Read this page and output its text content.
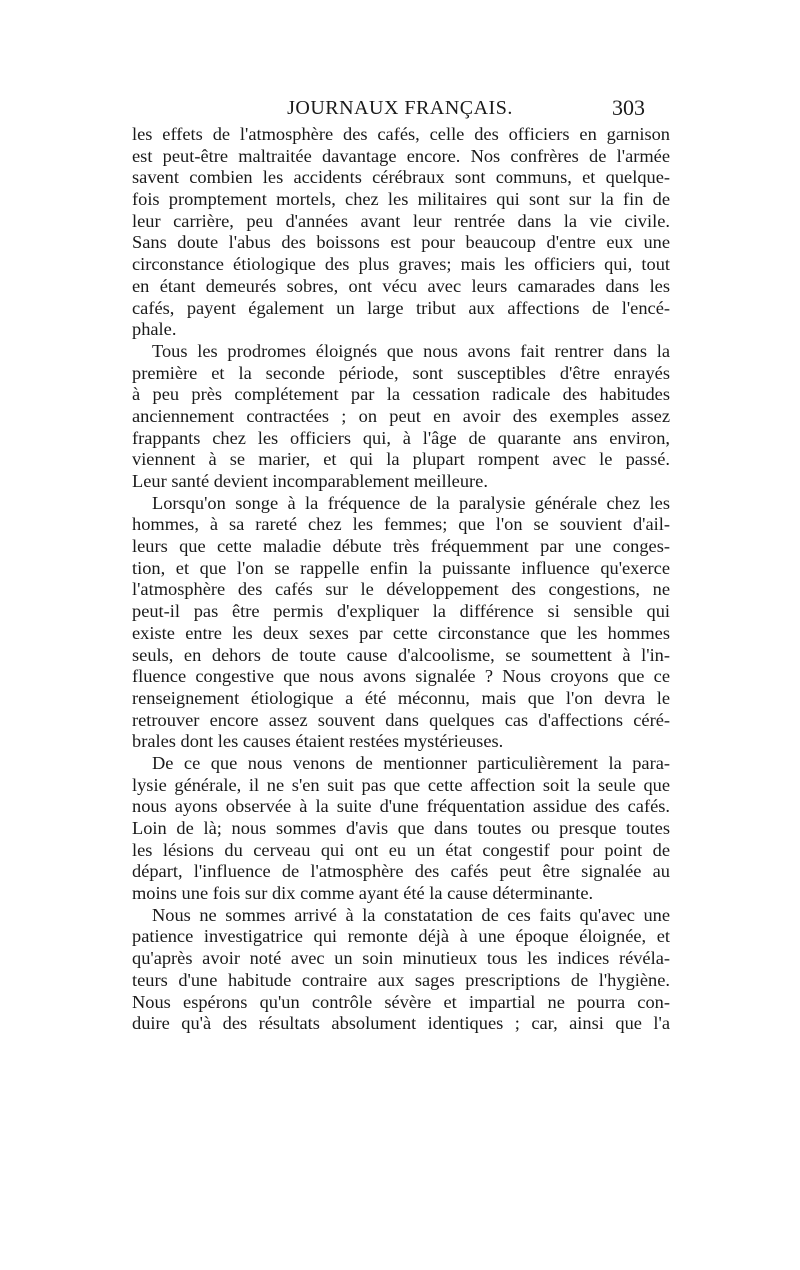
JOURNAUX FRANÇAIS.	303
les effets de l'atmosphère des cafés, celle des officiers en garnison
est peut-être maltraitée davantage encore. Nos confrères de l'armée
savent combien les accidents cérébraux sont communs, et quelque-
fois promptement mortels, chez les militaires qui sont sur la fin de
leur carrière, peu d'années avant leur rentrée dans la vie civile.
Sans doute l'abus des boissons est pour beaucoup d'entre eux une
circonstance étiologique des plus graves; mais les officiers qui, tout
en étant demeurés sobres, ont vécu avec leurs camarades dans les
cafés, payent également un large tribut aux affections de l'encé-
phale.
Tous les prodromes éloignés que nous avons fait rentrer dans la
première et la seconde période, sont susceptibles d'être enrayés
à peu près complétement par la cessation radicale des habitudes
anciennement contractées ; on peut en avoir des exemples assez
frappants chez les officiers qui, à l'âge de quarante ans environ,
viennent à se marier, et qui la plupart rompent avec le passé.
Leur santé devient incomparablement meilleure.
Lorsqu'on songe à la fréquence de la paralysie générale chez les
hommes, à sa rareté chez les femmes; que l'on se souvient d'ail-
leurs que cette maladie débute très fréquemment par une conges-
tion, et que l'on se rappelle enfin la puissante influence qu'exerce
l'atmosphère des cafés sur le développement des congestions, ne
peut-il pas être permis d'expliquer la différence si sensible qui
existe entre les deux sexes par cette circonstance que les hommes
seuls, en dehors de toute cause d'alcoolisme, se soumettent à l'in-
fluence congestive que nous avons signalée ? Nous croyons que ce
renseignement étiologique a été méconnu, mais que l'on devra le
retrouver encore assez souvent dans quelques cas d'affections céré-
brales dont les causes étaient restées mystérieuses.
De ce que nous venons de mentionner particulièrement la para-
lysie générale, il ne s'en suit pas que cette affection soit la seule que
nous ayons observée à la suite d'une fréquentation assidue des cafés.
Loin de là; nous sommes d'avis que dans toutes ou presque toutes
les lésions du cerveau qui ont eu un état congestif pour point de
départ, l'influence de l'atmosphère des cafés peut être signalée au
moins une fois sur dix comme ayant été la cause déterminante.
Nous ne sommes arrivé à la constatation de ces faits qu'avec une
patience investigatrice qui remonte déjà à une époque éloignée, et
qu'après avoir noté avec un soin minutieux tous les indices révéla-
teurs d'une habitude contraire aux sages prescriptions de l'hygiène.
Nous espérons qu'un contrôle sévère et impartial ne pourra con-
duire qu'à des résultats absolument identiques ; car, ainsi que l'a
